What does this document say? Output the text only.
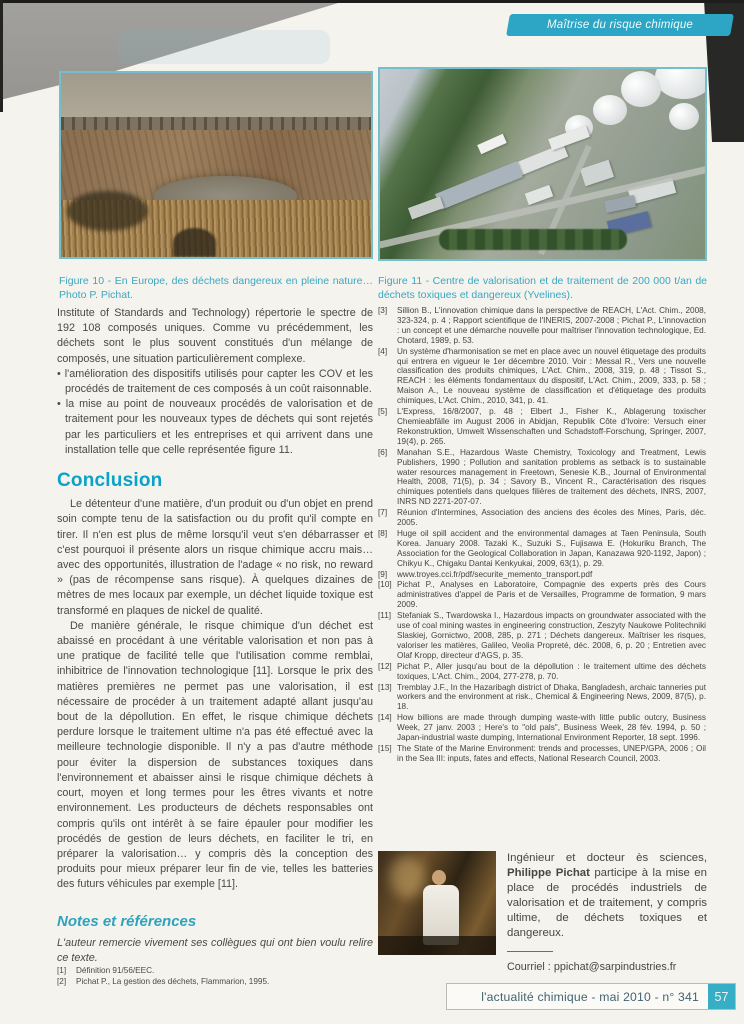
Maîtrise du risque chimique

Figure 10 - En Europe, des déchets dangereux en pleine nature… Photo P. Pichat.

Figure 11 - Centre de valorisation et de traitement de 200 000 t/an de déchets toxiques et dangereux (Yvelines).

Institute of Standards and Technology) répertorie le spectre de 192 108 composés uniques. Comme vu précédemment, les déchets sont le plus souvent constitués d'un mélange de composés, une situation particulièrement complexe.

• l'amélioration des dispositifs utilisés pour capter les COV et les procédés de traitement de ces composés à un coût raisonnable.

• la mise au point de nouveaux procédés de valorisation et de traitement pour les nouveaux types de déchets qui sont rejetés par les particuliers et les entreprises et qui arrivent dans une installation telle que celle représentée figure 11.

Conclusion

Le détenteur d'une matière, d'un produit ou d'un objet en prend soin compte tenu de la satisfaction ou du profit qu'il compte en tirer. Il n'en est plus de même lorsqu'il veut s'en débarrasser et c'est pourquoi il présente alors un risque chimique accru mais… avec des opportunités, illustration de l'adage « no risk, no reward » (pas de récompense sans risque). À quelques dizaines de mètres de mes locaux par exemple, un déchet liquide toxique est transformé en plaques de nickel de qualité.

De manière générale, le risque chimique d'un déchet est abaissé en procédant à une véritable valorisation et non pas à une pratique de facilité telle que l'utilisation comme remblai, inhibitrice de l'innovation technologique [11]. Lorsque le prix des matières premières ne permet pas une valorisation, il est nécessaire de procéder à un traitement adapté allant jusqu'au bout de la dépollution. En effet, le risque chimique déchets perdure lorsque le traitement ultime n'a pas été effectué avec la meilleure technologie disponible. Il n'y a pas d'autre méthode pour éviter la dispersion de substances toxiques dans l'environnement et abaisser ainsi le risque chimique déchets à court, moyen et long termes pour les êtres vivants et notre environnement. Les producteurs de déchets responsables ont compris qu'ils ont intérêt à se faire épauler pour modifier les procédés de gestion de leurs déchets, en faciliter le tri, en préparer la valorisation… y compris dès la conception des produits pour mieux préparer leur fin de vie, telles les batteries des futurs véhicules par exemple [11].

Notes et références

L'auteur remercie vivement ses collègues qui ont bien voulu relire ce texte.

[1]	Définition 91/56/EEC.
[2]	Pichat P., La gestion des déchets, Flammarion, 1995.
[3]	Sillion B., L'innovation chimique dans la perspective de REACH, L'Act. Chim., 2008, 323-324, p. 4 ; Rapport scientifique de l'INERIS, 2007-2008 ; Pichat P., L'innovaction : un concept et une démarche nouvelle pour maîtriser l'innovation technologique, Ed. Chotard, 1989, p. 53.
[4]	Un système d'harmonisation se met en place avec un nouvel étiquetage des produits qui entrera en vigueur le 1er décembre 2010. Voir : Messal R., Vers une nouvelle classification des produits chimiques, L'Act. Chim., 2008, 319, p. 48 ; Tissot S., REACH : les éléments fondamentaux du dispositif, L'Act. Chim., 2009, 333, p. 58 ; Maison A., Le nouveau système de classification et d'étiquetage des produits chimiques, L'Act. Chim., 2010, 341, p. 41.
[5]	L'Express, 16/8/2007, p. 48 ; Elbert J., Fisher K., Ablagerung toxischer Chemieabfälle im August 2006 in Abidjan, Republik Côte d'Ivoire: Versuch einer Rekonstruktion, Umwelt Wissenschaften und Schadstoff-Forschung, Springer, 2007, 19(4), p. 265.
[6]	Manahan S.E., Hazardous Waste Chemistry, Toxicology and Treatment, Lewis Publishers, 1990 ; Pollution and sanitation problems as setback is to sustainable water resources management in Freetown, Senesie K.B., Journal of Environmental Health, 2008, 71(5), p. 34 ; Savory B., Vincent R., Caractérisation des risques chimiques potentiels dans quelques filières de traitement des déchets, INRS, 2007, INRS ND 2271-207-07.
[7]	Réunion d'Intermines, Association des anciens des écoles des Mines, Paris, déc. 2005.
[8]	Huge oil spill accident and the environmental damages at Taen Peninsula, South Korea. January 2008. Tazaki K., Suzuki S., Fujisawa E. (Hokuriku Branch, The Association for the Geological Collaboration in Japan, Kanazawa 920-1192, Japon) ; Chikyu K., Chigaku Dantai Kenkyukai, 2009, 63(1), p. 29.
[9]	www.troyes.cci.fr/pdf/securite_memento_transport.pdf
[10] Pichat P., Analyses en Laboratoire, Compagnie des experts près des Cours administratives d'appel de Paris et de Versailles, Programme de formation, 9 mars 2009.
[11] Stefaniak S., Twardowska I., Hazardous impacts on groundwater associated with the use of coal mining wastes in engineering construction, Zeszyty Naukowe Politechniki Slaskiej, Gornictwo, 2008, 285, p. 271 ; Déchets dangereux. Maîtriser les risques, valoriser les matières, Galileo, Veolia Propreté, déc. 2008, 6, p. 20 ; Entretien avec Olaf Kropp, directeur d'AGS, p. 35.
[12] Pichat P., Aller jusqu'au bout de la dépollution : le traitement ultime des déchets toxiques, L'Act. Chim., 2004, 277-278, p. 70.
[13] Tremblay J.F., In the Hazaribagh district of Dhaka, Bangladesh, archaic tanneries put workers and the environment at risk., Chemical & Engineering News, 2009, 87(5), p. 18.
[14] How billions are made through dumping waste-with little public outcry, Business Week, 27 janv. 2003 ; Here's to "old pals", Business Week, 28 fév. 1994, p. 50 ; Japan-industrial waste dumping, International Environment Reporter, 18 sept. 1996.
[15] The State of the Marine Environment: trends and processes, UNEP/GPA, 2006 ; Oil in the Sea III: inputs, fates and effects, National Research Council, 2003.

Ingénieur et docteur ès sciences, Philippe Pichat participe à la mise en place de procédés industriels de valorisation et de traitement, y compris ultime, de déchets toxiques et dangereux.

Courriel : ppichat@sarpindustries.fr

l'actualité chimique - mai 2010 - n° 341	57
